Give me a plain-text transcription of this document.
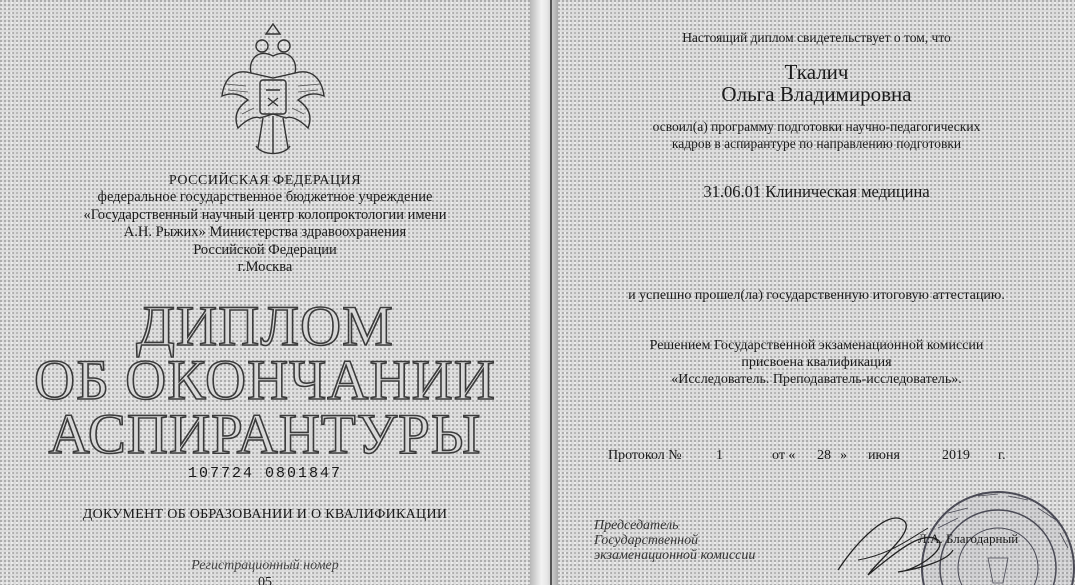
РОССИЙСКАЯ ФЕДЕРАЦИЯ
федеральное государственное бюджетное учреждение
«Государственный научный центр колопроктологии имени
А.Н. Рыжих» Министерства здравоохранения
Российской Федерации
г.Москва
ДИПЛОМ
ОБ ОКОНЧАНИИ
АСПИРАНТУРЫ
107724 0801847
ДОКУМЕНТ ОБ ОБРАЗОВАНИИ И О КВАЛИФИКАЦИИ
Регистрационный номер
05
Настоящий диплом свидетельствует о том, что
Ткалич
Ольга Владимировна
освоил(а) программу подготовки научно-педагогических
кадров в аспирантуре по направлению подготовки
31.06.01 Клиническая медицина
и успешно прошел(ла) государственную итоговую аттестацию.
Решением Государственной экзаменационной комиссии
присвоена квалификация
«Исследователь. Преподаватель-исследователь».
Протокол № 1	от « 28 » июня	2019 г.
Председатель
Государственной
экзаменационной комиссии
Л.А. Благодарный
